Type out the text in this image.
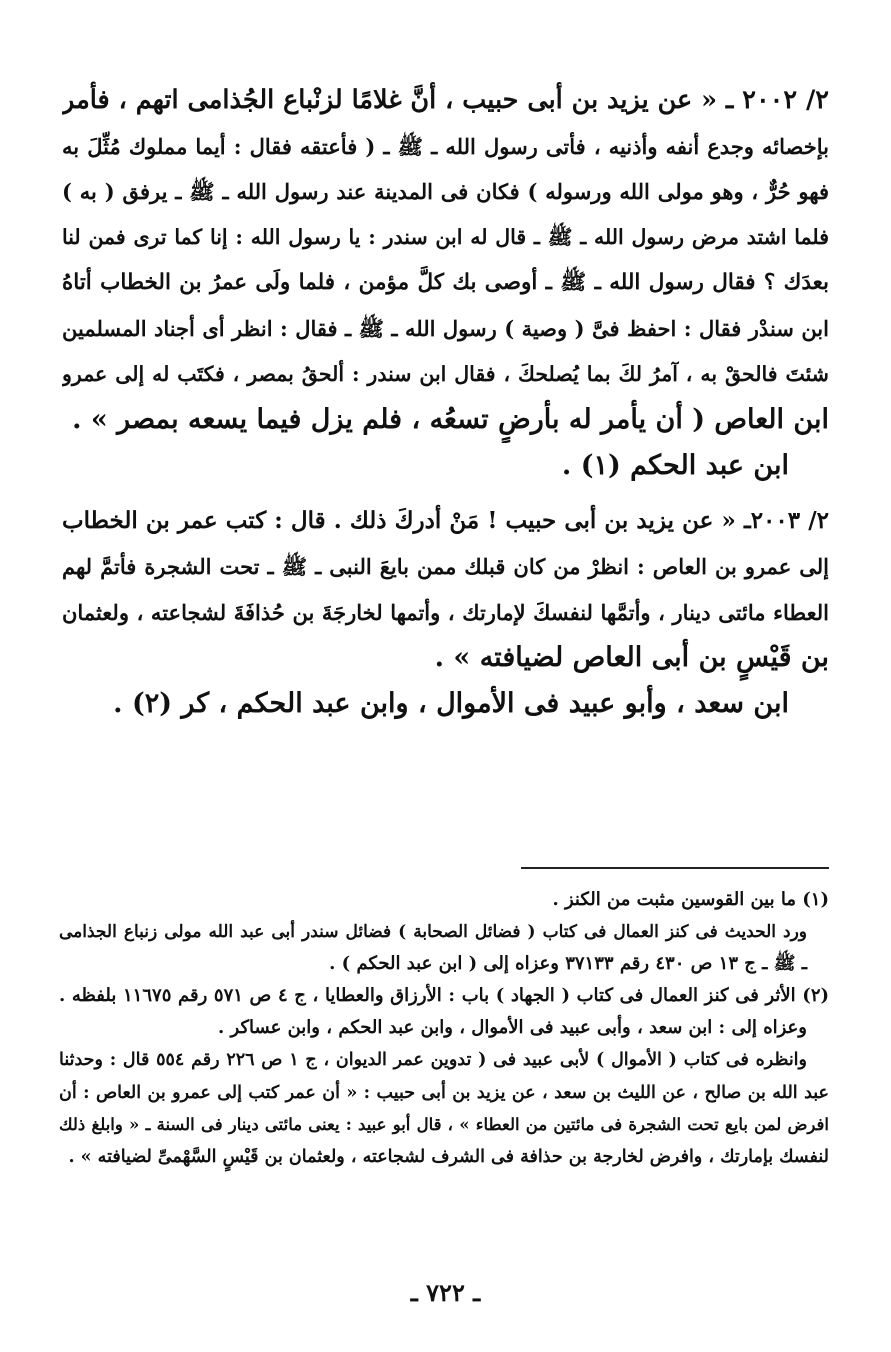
٢/ ٢٠٠٢ ـ « عن يزيد بن أبى حبيب ، أنَّ غلامًا لزنْباع الجُذامى اتهم ، فأمر
بإخصائه وجدع أنفه وأذنيه ، فأتى رسول الله ـ ﷺ ـ ( فأعتقه فقال : أيما مملوك مُثِّلَ به
فهو حُرٌّ ، وهو مولى الله ورسوله ) فكان فى المدينة عند رسول الله ـ ﷺ ـ يرفق ( به )
فلما اشتد مرض رسول الله ـ ﷺ ـ قال له ابن سندر : يا رسول الله : إنا كما ترى فمن لنا
بعدَك ؟ فقال رسول الله ـ ﷺ ـ أوصى بك كلَّ مؤمن ، فلما ولَى عمرُ بن الخطاب أتاهُ
ابن سندْر فقال : احفظ فىَّ ( وصية ) رسول الله ـ ﷺ ـ فقال : انظر أى أجناد المسلمين
شئتَ فالحقْ به ، آمرُ لكَ بما يُصلحكَ ، فقال ابن سندر : ألحقُ بمصر ، فكتَب له إلى عمرو
ابن العاص ( أن يأمر له بأرضٍ تسعُه ، فلم يزل فيما يسعه بمصر » .
ابن عبد الحكم (١) .
٢/ ٢٠٠٣ـ « عن يزيد بن أبى حبيب ! مَنْ أدركَ ذلك . قال : كتب عمر بن الخطاب
إلى عمرو بن العاص : انظرْ من كان قبلك ممن بايعَ النبى ـ ﷺ ـ تحت الشجرة فأتمَّ لهم
العطاء مائتى دينار ، وأتمَّها لنفسكَ لإمارتك ، وأتمها لخارجَةَ بن حُذافَةَ لشجاعته ، ولعثمان
بن قَيْسٍ بن أبى العاص لضيافته » .
ابن سعد ، وأبو عبيد فى الأموال ، وابن عبد الحكم ، كر (٢) .
(١) ما بين القوسين مثبت من الكنز .
ورد الحديث فى كنز العمال فى كتاب ( فضائل الصحابة ) فضائل سندر أبى عبد الله مولى زنباع الجذامى
ـ ﷺ ـ ج ١٣ ص ٤٣٠ رقم ٣٧١٣٣ وعزاه إلى ( ابن عبد الحكم ) .
(٢) الأثر فى كنز العمال فى كتاب ( الجهاد ) باب : الأرزاق والعطايا ، ج ٤ ص ٥٧١ رقم ١١٦٧٥ بلفظه .
وعزاه إلى : ابن سعد ، وأبى عبيد فى الأموال ، وابن عبد الحكم ، وابن عساكر .
وانظره فى كتاب ( الأموال ) لأبى عبيد فى ( تدوين عمر الديوان ، ج ١ ص ٢٢٦ رقم ٥٥٤ قال : وحدثنا
عبد الله بن صالح ، عن الليث بن سعد ، عن يزيد بن أبى حبيب : « أن عمر كتب إلى عمرو بن العاص : أن
افرض لمن بايع تحت الشجرة فى مائتين من العطاء » ، قال أبو عبيد : يعنى مائتى دينار فى السنة ـ « وابلغ ذلك
لنفسك بإمارتك ، وافرض لخارجة بن حذافة فى الشرف لشجاعته ، ولعثمان بن قَيْسٍ السَّهْمىِّ لضيافته » .
ـ ٧٢٢ ـ
